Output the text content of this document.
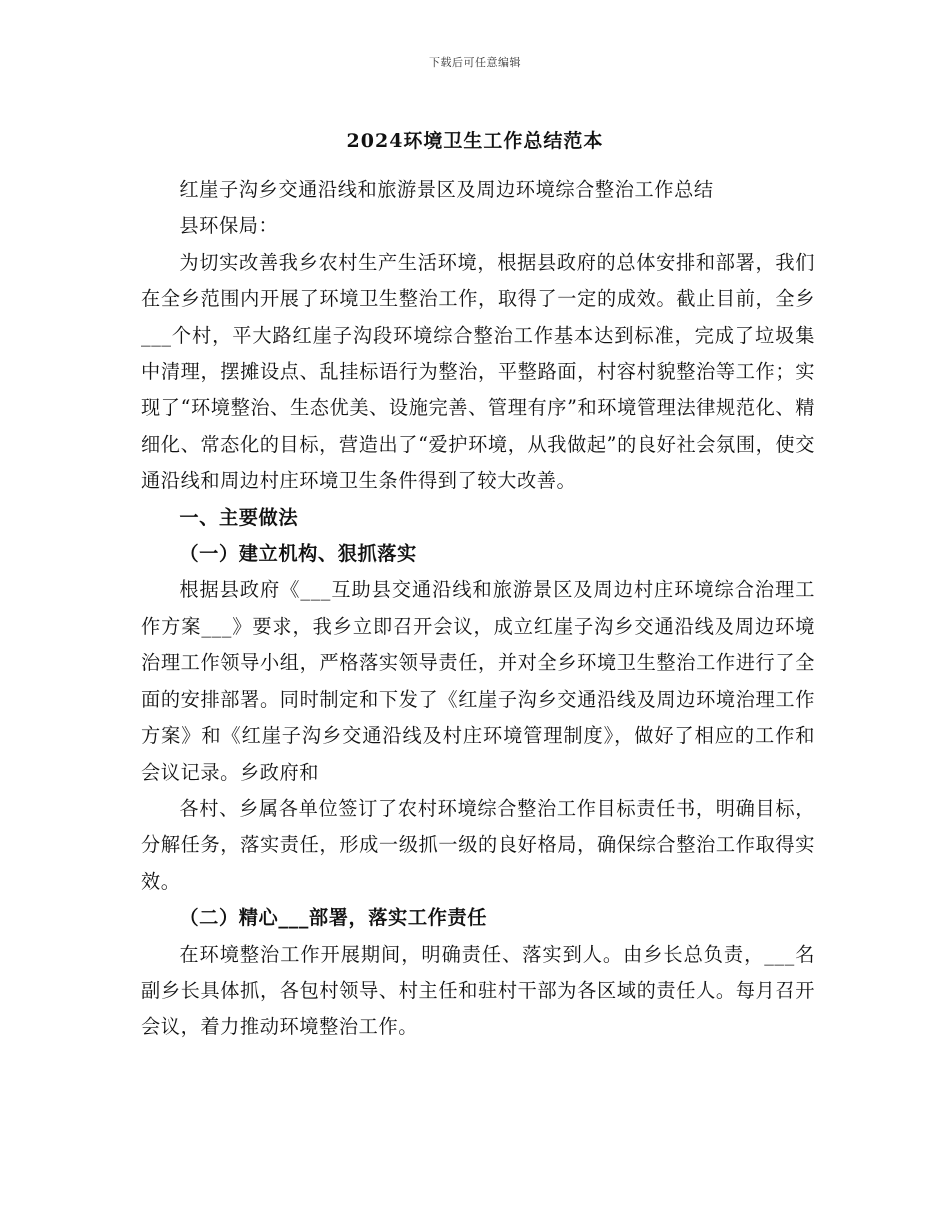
下载后可任意编辑
2024环境卫生工作总结范本

红崖子沟乡交通沿线和旅游景区及周边环境综合整治工作总结

县环保局：

为切实改善我乡农村生产生活环境，根据县政府的总体安排和部署，我们在全乡范围内开展了环境卫生整治工作，取得了一定的成效。截止目前，全乡___个村，平大路红崖子沟段环境综合整治工作基本达到标准，完成了垃圾集中清理，摆摊设点、乱挂标语行为整治，平整路面，村容村貌整治等工作；实现了“环境整治、生态优美、设施完善、管理有序”和环境管理法律规范化、精细化、常态化的目标，营造出了“爱护环境，从我做起”的良好社会氛围，使交通沿线和周边村庄环境卫生条件得到了较大改善。

一、主要做法

（一）建立机构、狠抓落实

根据县政府《___互助县交通沿线和旅游景区及周边村庄环境综合治理工作方案___》要求，我乡立即召开会议，成立红崖子沟乡交通沿线及周边环境治理工作领导小组，严格落实领导责任，并对全乡环境卫生整治工作进行了全面的安排部署。同时制定和下发了《红崖子沟乡交通沿线及周边环境治理工作方案》和《红崖子沟乡交通沿线及村庄环境管理制度》，做好了相应的工作和会议记录。乡政府和

各村、乡属各单位签订了农村环境综合整治工作目标责任书，明确目标，分解任务，落实责任，形成一级抓一级的良好格局，确保综合整治工作取得实效。

（二）精心___部署，落实工作责任

在环境整治工作开展期间，明确责任、落实到人。由乡长总负责，___名副乡长具体抓，各包村领导、村主任和驻村干部为各区域的责任人。每月召开会议，着力推动环境整治工作。
